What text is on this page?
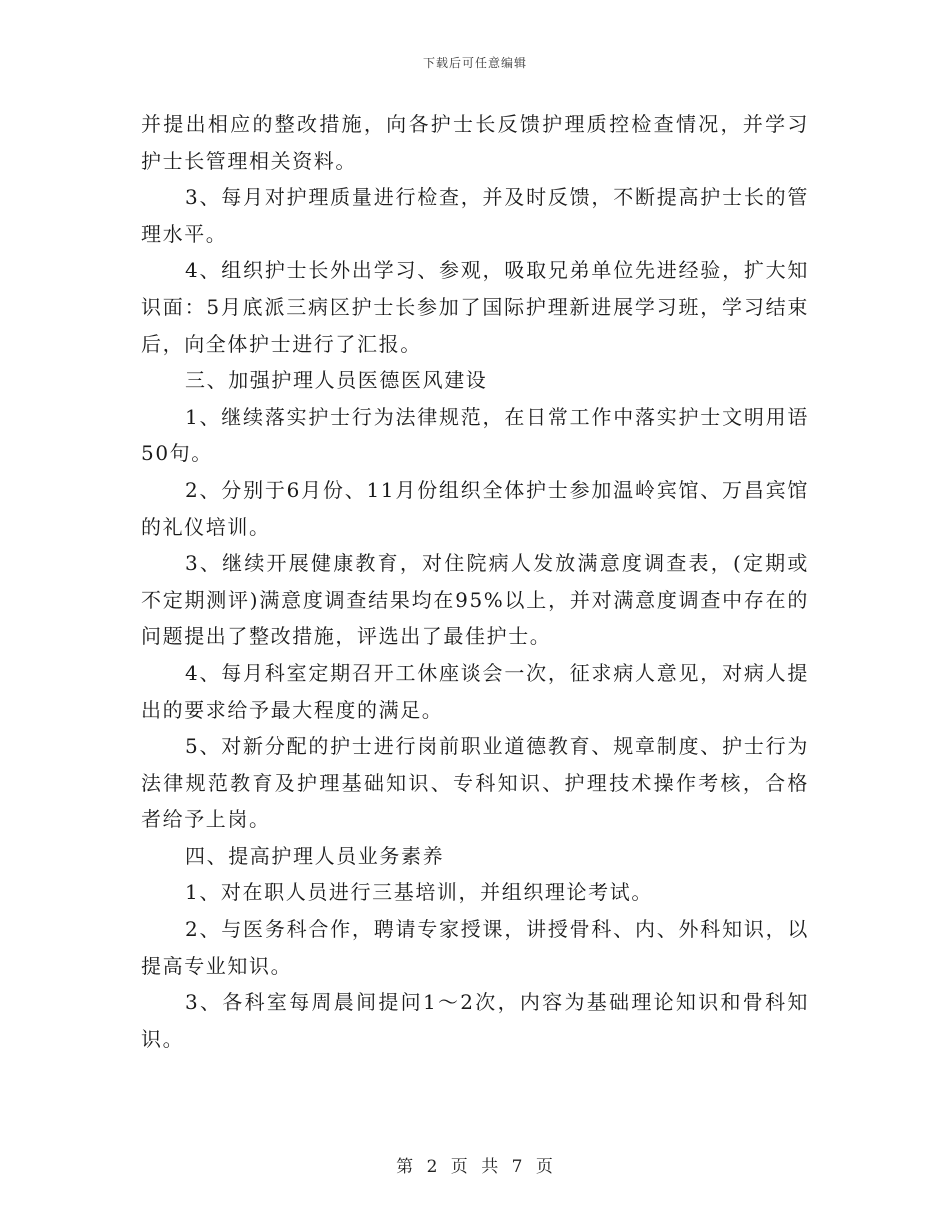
下载后可任意编辑

并提出相应的整改措施，向各护士长反馈护理质控检查情况，并学习护士长管理相关资料。

3、每月对护理质量进行检查，并及时反馈，不断提高护士长的管理水平。

4、组织护士长外出学习、参观，吸取兄弟单位先进经验，扩大知识面：5月底派三病区护士长参加了国际护理新进展学习班，学习结束后，向全体护士进行了汇报。

三、加强护理人员医德医风建设

1、继续落实护士行为法律规范，在日常工作中落实护士文明用语50句。

2、分别于6月份、11月份组织全体护士参加温岭宾馆、万昌宾馆的礼仪培训。

3、继续开展健康教育，对住院病人发放满意度调查表，(定期或不定期测评)满意度调查结果均在95%以上，并对满意度调查中存在的问题提出了整改措施，评选出了最佳护士。

4、每月科室定期召开工休座谈会一次，征求病人意见，对病人提出的要求给予最大程度的满足。

5、对新分配的护士进行岗前职业道德教育、规章制度、护士行为法律规范教育及护理基础知识、专科知识、护理技术操作考核，合格者给予上岗。

四、提高护理人员业务素养

1、对在职人员进行三基培训，并组织理论考试。

2、与医务科合作，聘请专家授课，讲授骨科、内、外科知识，以提高专业知识。

3、各科室每周晨间提问1～2次，内容为基础理论知识和骨科知识。

第 2 页 共 7 页
